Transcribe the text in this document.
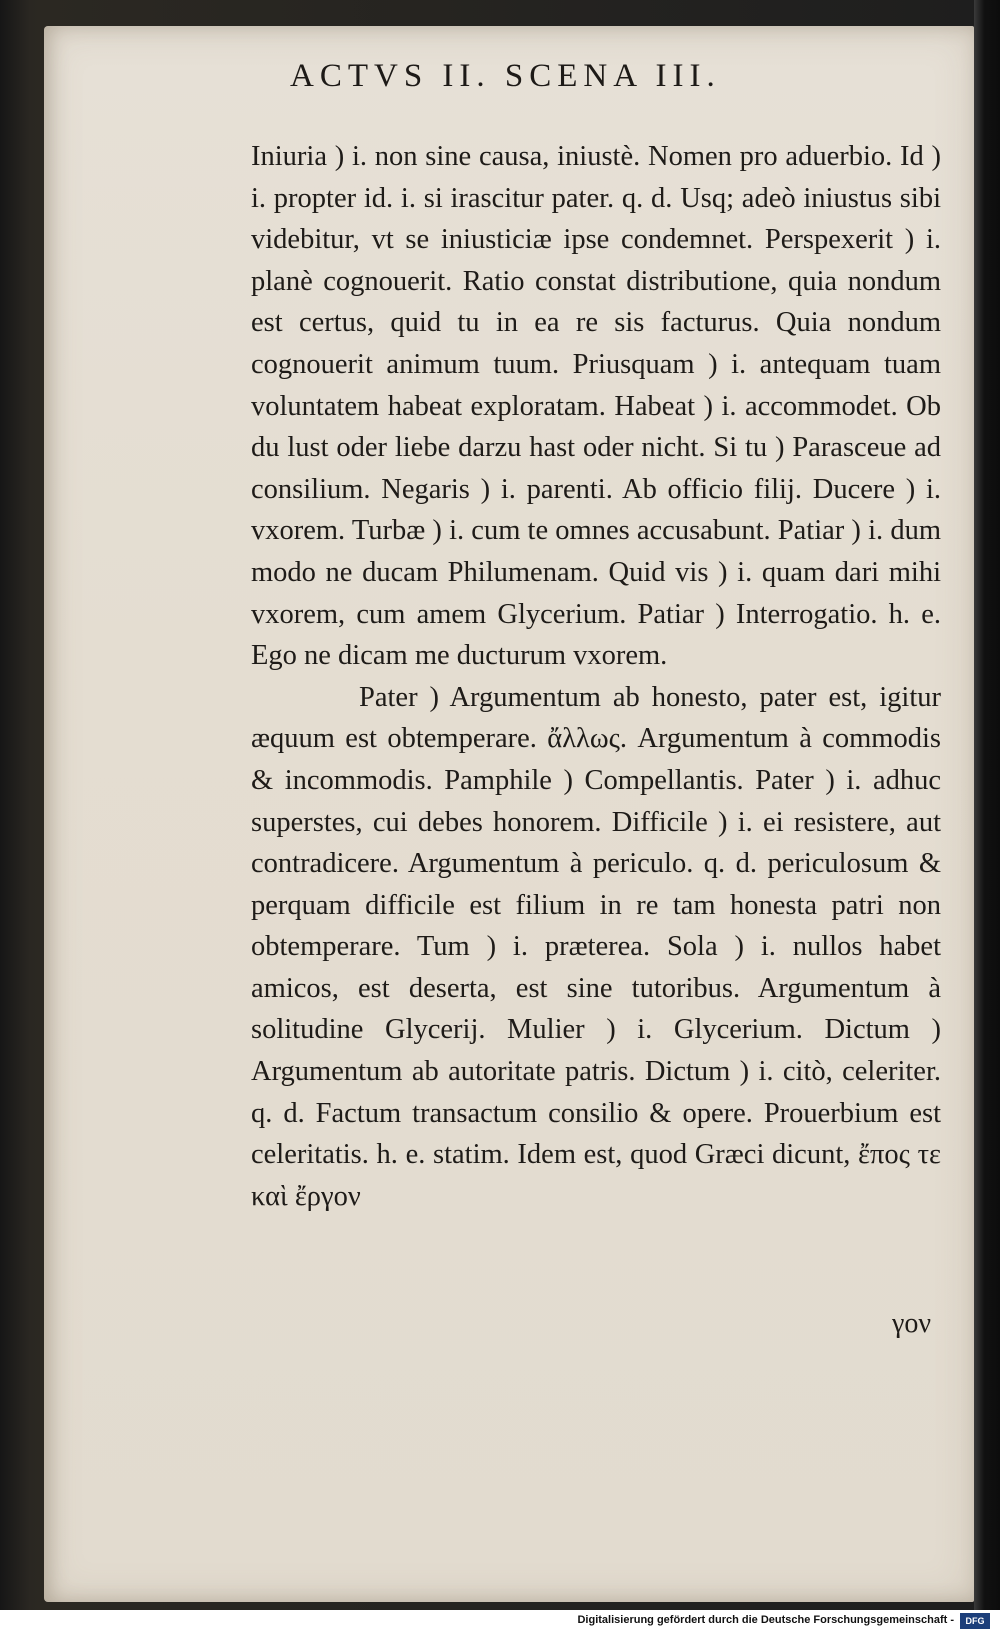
ACTVS II. SCENA III.

Iniuria ) i. non sine causa, iniustè. Nomen pro aduerbio. Id ) i. propter id. i. si irascitur pater. q. d. Usq; adeò iniustus sibi videbitur, vt se iniusticiæ ipse condemnet. Perspexerit ) i. planè cognouerit. Ratio constat distributione, quia nondum est certus, quid tu in ea re sis facturus. Quia nondum cognouerit animum tuum. Priusquam ) i. antequam tuam voluntatem habeat exploratam. Habeat ) i. accommodet. Ob du lust oder liebe darzu hast oder nicht. Si tu ) Parasceue ad consilium. Negaris ) i. parenti. Ab officio filij. Ducere ) i. vxorem. Turbæ ) i. cum te omnes accusabunt. Patiar ) i. dum modo ne ducam Philumenam. Quid vis ) i. quam dari mihi vxorem, cum amem Glycerium. Patiar ) Interrogatio. h. e. Ego ne dicam me ducturum vxorem.

Pater ) Argumentum ab honesto, pater est, igitur æquum est obtemperare. ἄλλως. Argumentum à commodis & incommodis. Pamphile ) Compellantis. Pater ) i. adhuc superstes, cui debes honorem. Difficile ) i. ei resistere, aut contradicere. Argumentum à periculo. q. d. periculosum & perquam difficile est filium in re tam honesta patri non obtemperare. Tum ) i. præterea. Sola ) i. nullos habet amicos, est deserta, est sine tutoribus. Argumentum à solitudine Glycerij. Mulier ) i. Glycerium. Dictum ) Argumentum ab autoritate patris. Dictum ) i. citò, celeriter. q. d. Factum transactum consilio & opere. Prouerbium est celeritatis. h. e. statim. Idem est, quod Græci dicunt, ἔπος τε καὶ ἔργον

γον
Digitalisierung gefördert durch die Deutsche Forschungsgemeinschaft -	DFG
